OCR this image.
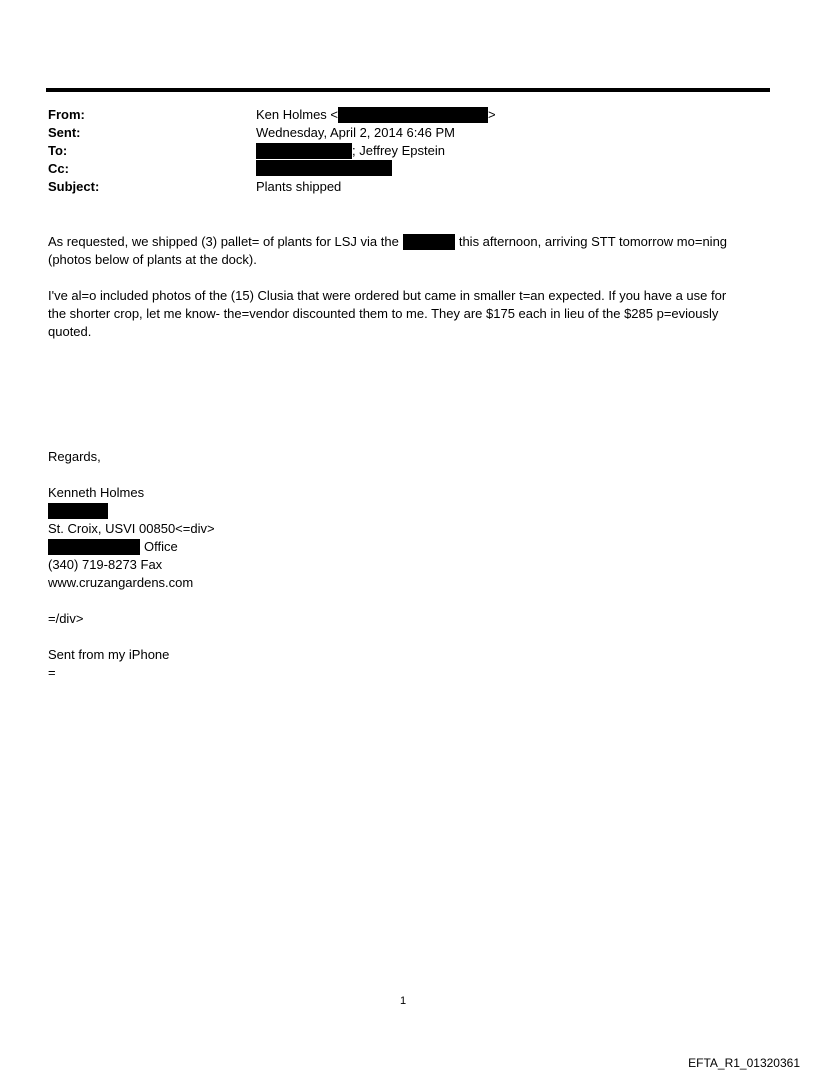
From:	Ken Holmes <	>
Sent:	Wednesday, April 2, 2014 6:46 PM
To:	; Jeffrey Epstein
Cc:
Subject:	Plants shipped
As requested, we shipped (3) pallet= of plants for LSJ via the	this afternoon, arriving STT tomorrow mo=ning
(photos below of plants at the dock).
I've al=o included photos of the (15) Clusia that were ordered but came in smaller t=an expected. If you have a use for
the shorter crop, let me know- the=vendor discounted them to me. They are $175 each in lieu of the $285 p=eviously
quoted.
Regards,
Kenneth Holmes
St. Croix, USVI 00850<=div>
Office
(340) 719-8273 Fax
www.cruzangardens.com
=/div>
Sent from my iPhone
=
1
EFTA_R1_01320361
